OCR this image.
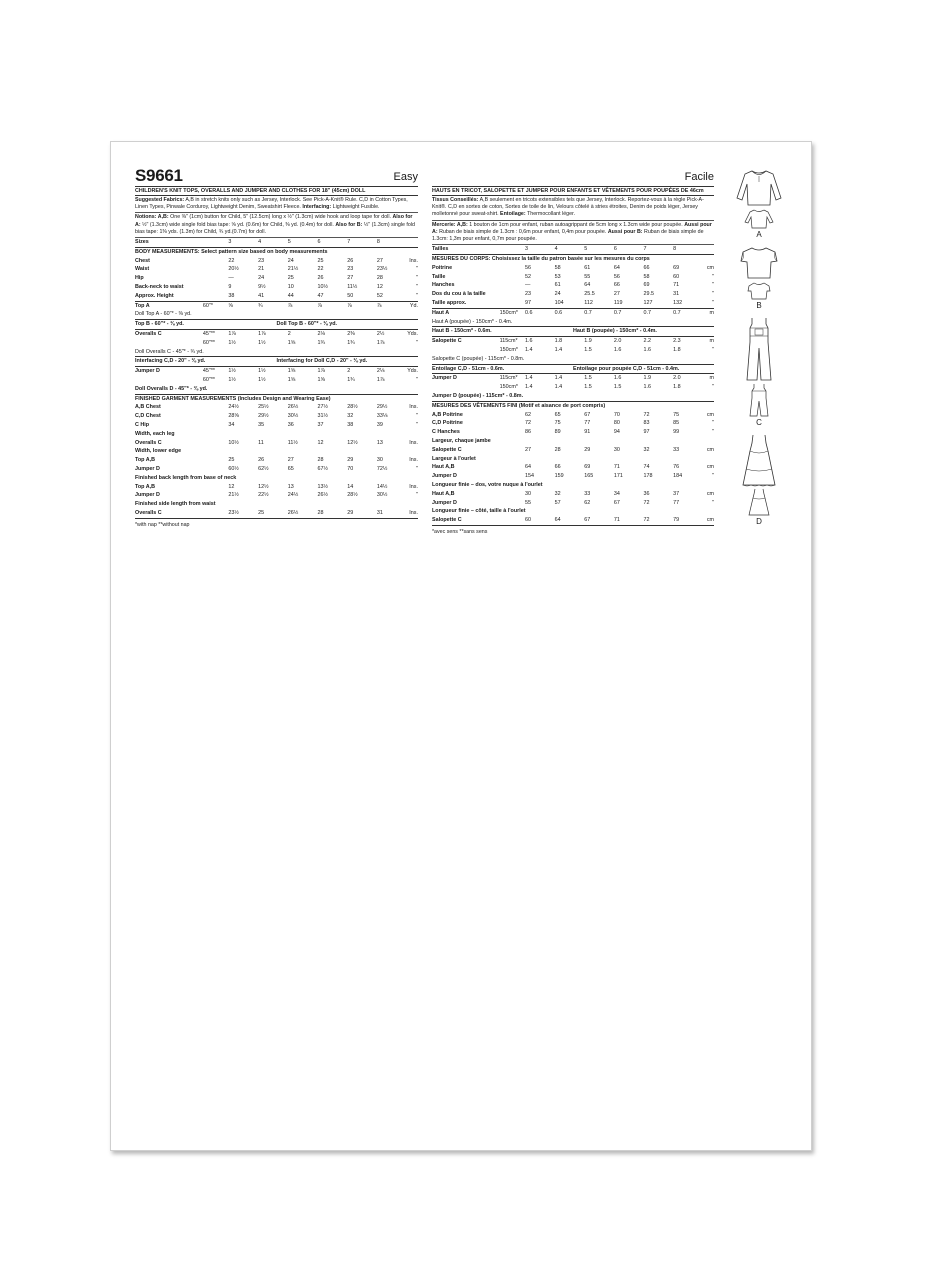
S9661	Easy
CHILDREN'S KNIT TOPS, OVERALLS AND JUMPER AND CLOTHES FOR 18" (45cm) DOLL
Suggested Fabrics: A,B in stretch knits only such as Jersey, Interlock. See Pick-A-Knit® Rule. C,D in Cotton Types, Linen Types, Pinwale Corduroy, Lightweight Denim, Sweatshirt Fleece. Interfacing: Lightweight Fusible.
Notions: A,B: One ⅜" (1cm) button for Child, 5" (12.5cm) long x ½" (1.3cm) wide hook and loop tape for doll. Also for A: ½" (1.3cm) wide single fold bias tape: ⅝ yd. (0.6m) for Child, ⅜ yd. (0.4m) for doll. Also for B: ½" (1.3cm) single fold bias tape: 1⅜ yds. (1.3m) for Child, ¾ yd.(0.7m) for doll.
Sizes		3	4	5	6	7	8	
BODY MEASUREMENTS: Select pattern size based on body measurements
Chest		22	23	24	25	26	27	Ins.
Waist		20½	21	21½	22	23	23½	"
Hip		—	24	25	26	27	28	"
Back-neck to waist		9	9½	10	10½	11½	12	"
Approx. Height		38	41	44	47	50	52	"
Top A	60"*	⅝	¾	⅞	⅞	⅞	⅞	Yd.
Doll Top A - 60"* - ⅜ yd.
Top B - 60"* - ⅜ yd.	Doll Top B - 60"* - ⅜ yd.
Overalls C	45"**	1⅞	1⅞	2	2⅛	2⅜	2½	Yds.
	60"**	1½	1½	1⅝	1¾	1¾	1⅞	"
Doll Overalls C - 45"* - ¾ yd.
Interfacing C,D - 20" - ⅜ yd.	Interfacing for Doll C,D - 20" - ⅜ yd.
Jumper D	45"**	1½	1½	1⅝	1⅞	2	2⅛	Yds.
	60"**	1½	1½	1⅝	1⅝	1¾	1⅞	"
Doll Overalls D - 45"* - ⅜ yd.
FINISHED GARMENT MEASUREMENTS (Includes Design and Wearing Ease)
A,B Chest		24½	25½	26½	27½	28½	29½	Ins.
C,D Chest		28⅝	29½	30½	31½	32	33⅛	"
C Hip		34	35	36	37	38	39	"
Width, each leg								
Overalls C		10½	11	11½	12	12½	13	Ins.
Width, lower edge								
Top A,B		25	26	27	28	29	30	Ins.
Jumper D		60½	62½	65	67½	70	72½	"
Finished back length from base of neck								
Top A,B		12	12½	13	13½	14	14½	Ins.
Jumper D		21½	22½	24½	26½	28½	30½	"
Finished side length from waist								
Overalls C		23½	25	26½	28	29	31	Ins.
*with nap **without nap
Facile
HAUTS EN TRICOT, SALOPETTE ET JUMPER POUR ENFANTS ET VÊTEMENTS POUR POUPÉES DE 46cm
Tissus Conseillés: A,B seulement en tricots extensibles tels que Jersey, Interlock. Reportez-vous à la règle Pick-A-Knit®. C,D en sortes de coton, Sortes de toile de lin, Velours côtelé à stries étroites, Denim de poids léger, Jersey molletonné pour sweat-shirt. Entoilage: Thermocollant léger.
Mercerie: A,B: 1 bouton de 1cm pour enfant, ruban autoagrippant de 5cm long x 1.3cm wide pour poupée. Aussi pour A: Ruban de biais simple de 1.3cm : 0,6m pour enfant, 0,4m pour poupée. Aussi pour B: Ruban de biais simple de 1.3cm: 1,3m pour enfant, 0,7m pour poupée.
Tailles		3	4	5	6	7	8	
MESURES DU CORPS: Choisissez la taille du patron basée sur les mesures du corps
Poitrine		56	58	61	64	66	69	cm
Taille		52	53	55	56	58	60	"
Hanches		—	61	64	66	69	71	"
Dos du cou à la taille		23	24	25.5	27	29.5	31	"
Taille approx.		97	104	112	119	127	132	"
Haut A	150cm*	0.6	0.6	0.7	0.7	0.7	0.7	m
Haut A (poupée) - 150cm* - 0.4m.
Haut B - 150cm* - 0.6m.	Haut B (poupée) - 150cm* - 0.4m.
Salopette C	115cm*	1.6	1.8	1.9	2.0	2.2	2.3	m
	150cm*	1.4	1.4	1.5	1.6	1.6	1.8	"
Salopette C (poupée) - 115cm* - 0.8m.
Entoilage C,D - 51cm - 0.6m.	Entoilage pour poupée C,D - 51cm - 0.4m.
Jumper D	115cm*	1.4	1.4	1.5	1.6	1.9	2.0	m
	150cm*	1.4	1.4	1.5	1.5	1.6	1.8	"
Jumper D (poupée) - 115cm* - 0.8m.
MESURES DES VÊTEMENTS FINI (Motif et aisance de port compris)
A,B Poitrine		62	65	67	70	72	75	cm
C,D Poitrine		72	75	77	80	83	85	"
C Hanches		86	89	91	94	97	99	"
Largeur, chaque jambe								
Salopette C		27	28	29	30	32	33	cm
Largeur à l'ourlet								
Haut A,B		64	66	69	71	74	76	cm
Jumper D		154	159	165	171	178	184	"
Longueur finie – dos, votre nuque à l'ourlet								
Haut A,B		30	32	33	34	36	37	cm
Jumper D		55	57	62	67	72	77	"
Longueur finie – côté, taille à l'ourlet								
Salopette C		60	64	67	71	72	79	cm
*avec sens **sans sens
A
B
C
D
